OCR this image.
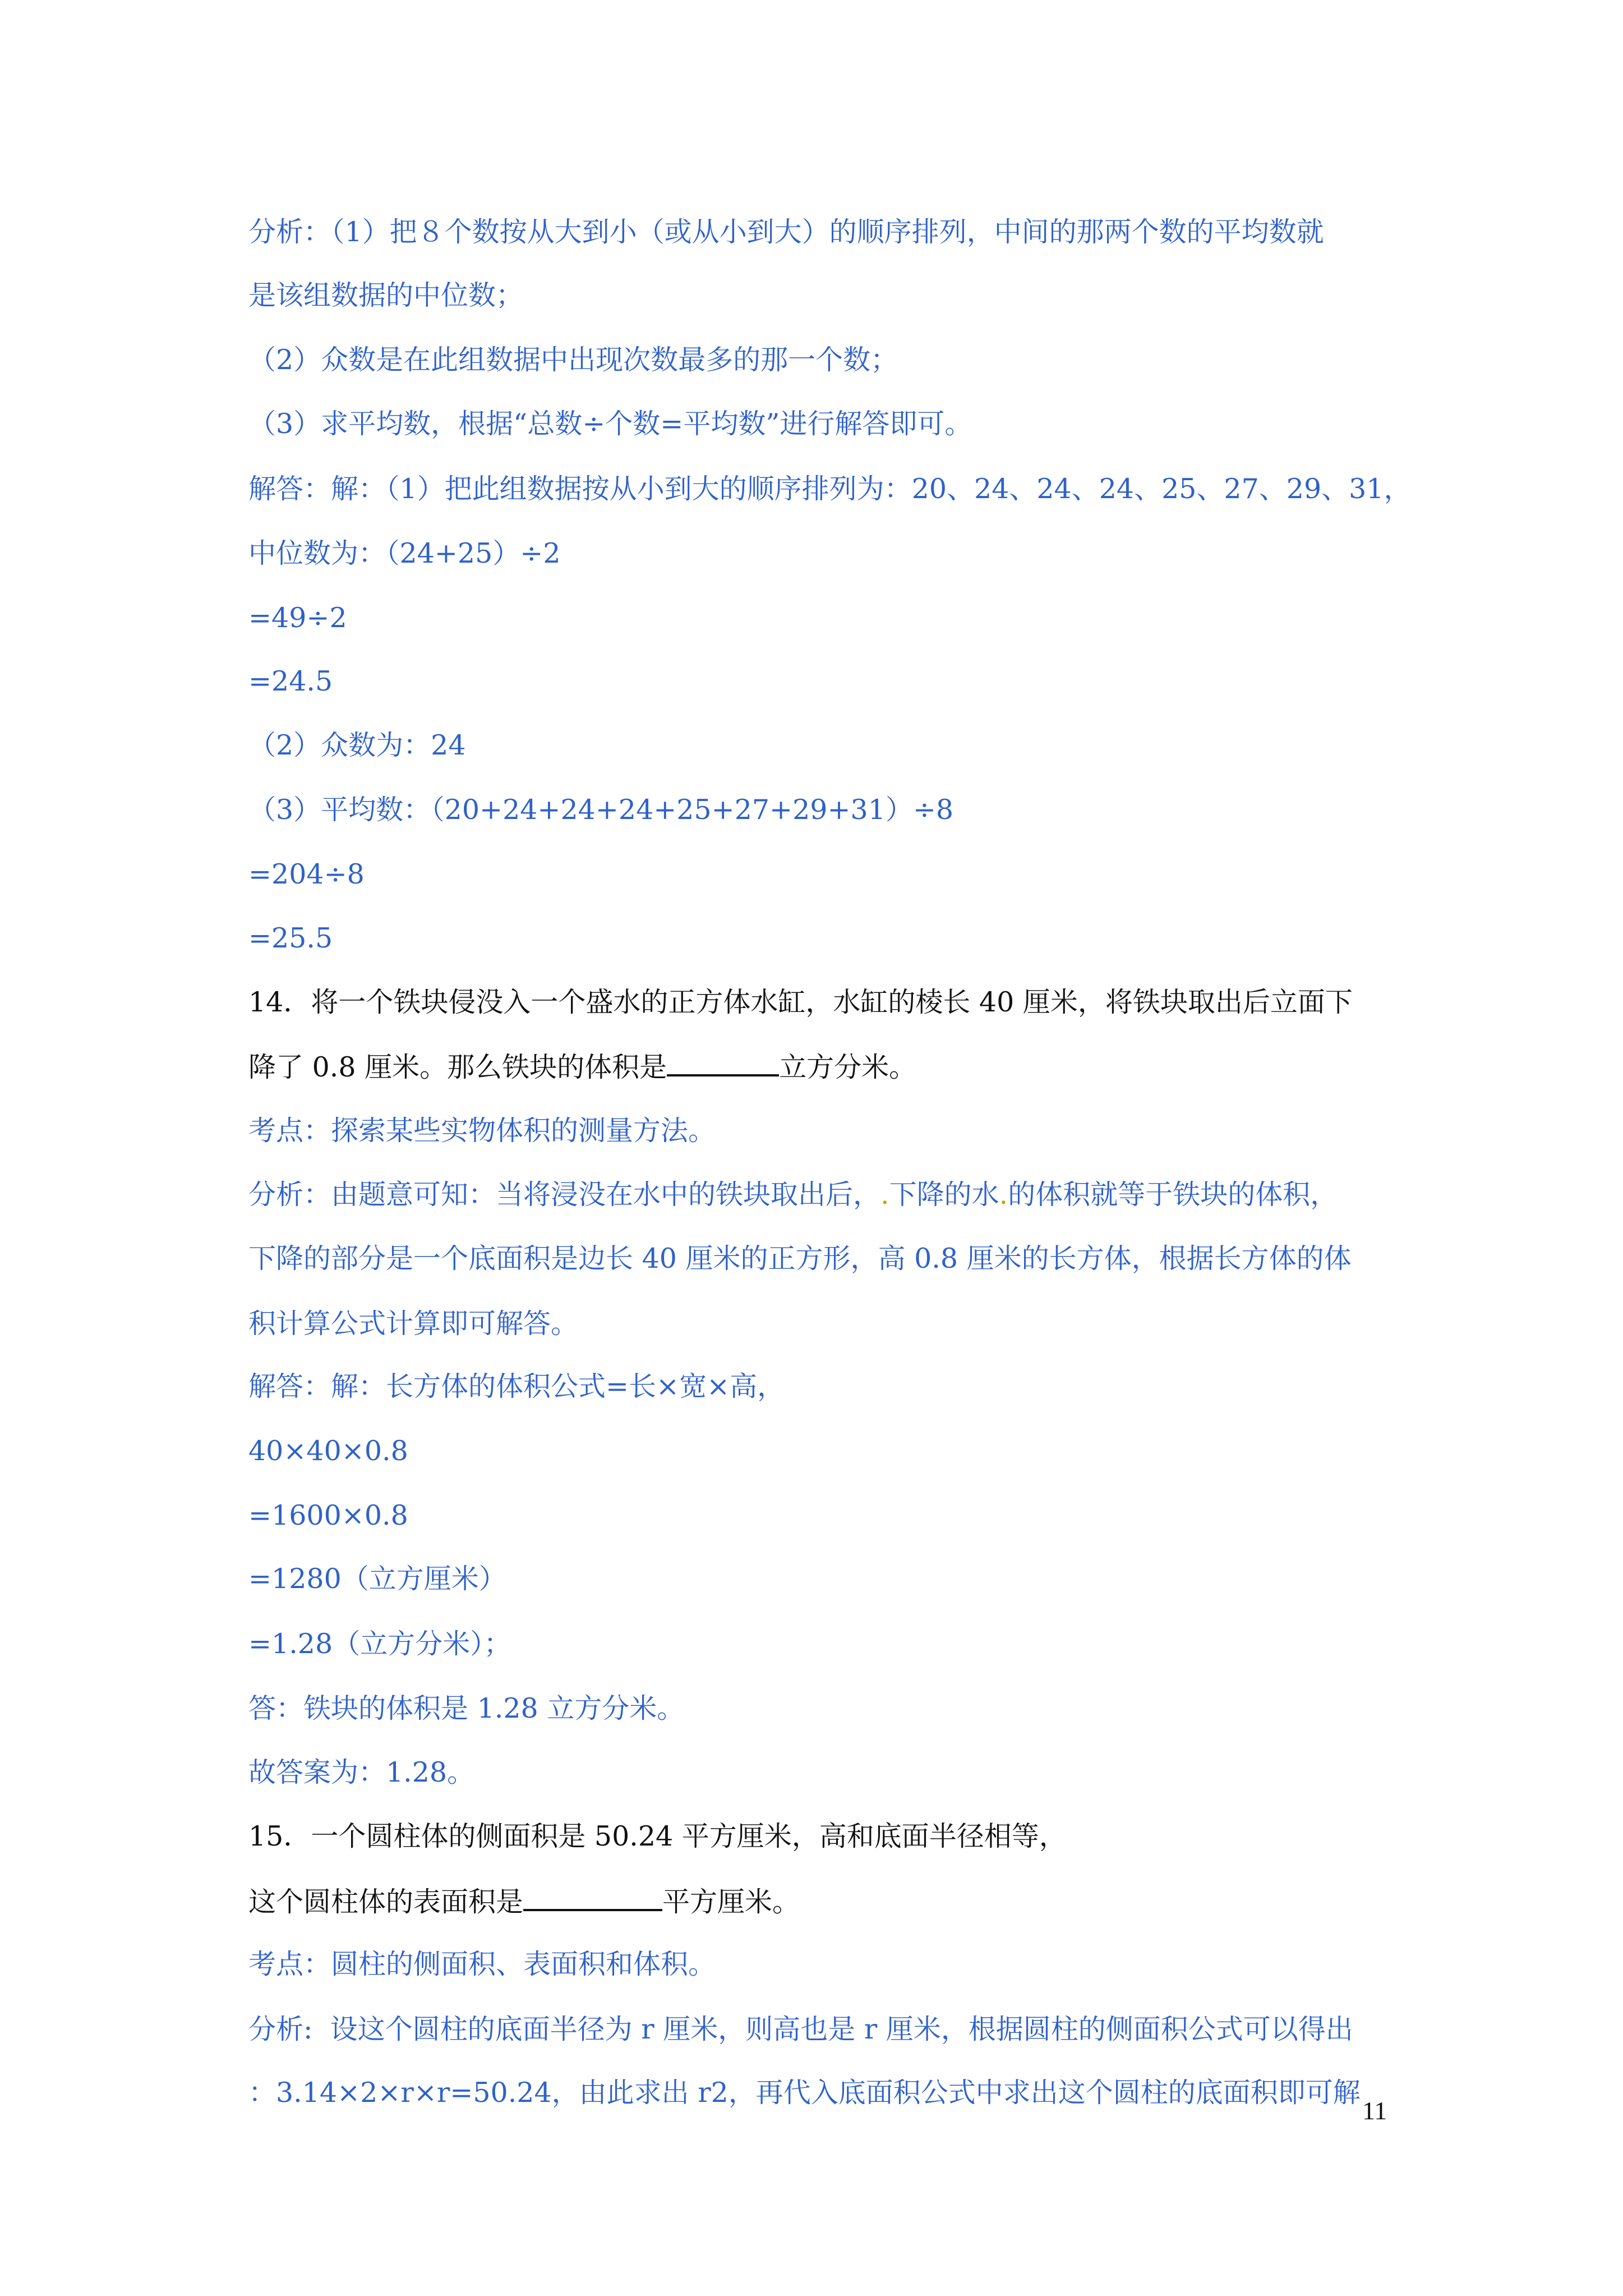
分析：（1）把８个数按从大到小（或从小到大）的顺序排列，中间的那两个数的平均数就
是该组数据的中位数；
（2）众数是在此组数据中出现次数最多的那一个数；
（3）求平均数，根据“总数÷个数=平均数”进行解答即可。
解答：解：（1）把此组数据按从小到大的顺序排列为：20、24、24、24、25、27、29、31，
中位数为：（24+25）÷2
=49÷2
=24.5
（2）众数为：24
（3）平均数：（20+24+24+24+25+27+29+31）÷8
=204÷8
=25.5
14．将一个铁块侵没入一个盛水的正方体水缸，水缸的棱长 40 厘米，将铁块取出后立面下
降了 0.8 厘米。那么铁块的体积是	立方分米。
考点：探索某些实物体积的测量方法。
分析：由题意可知：当将浸没在水中的铁块取出后，.下降的水.的体积就等于铁块的体积，
下降的部分是一个底面积是边长 40 厘米的正方形，高 0.8 厘米的长方体，根据长方体的体
积计算公式计算即可解答。
解答：解：长方体的体积公式=长×宽×高，
40×40×0.8
=1600×0.8
=1280（立方厘米）
=1.28（立方分米）；
答：铁块的体积是 1.28 立方分米。
故答案为：1.28。
15．一个圆柱体的侧面积是 50.24 平方厘米，高和底面半径相等，
这个圆柱体的表面积是	平方厘米。
考点：圆柱的侧面积、表面积和体积。
分析:  设这个圆柱的底面半径为 r 厘米，则高也是 r 厘米，根据圆柱的侧面积公式可以得出
：3.14×2×r×r=50.24，由此求出 r2，再代入底面积公式中求出这个圆柱的底面积即可解
11
